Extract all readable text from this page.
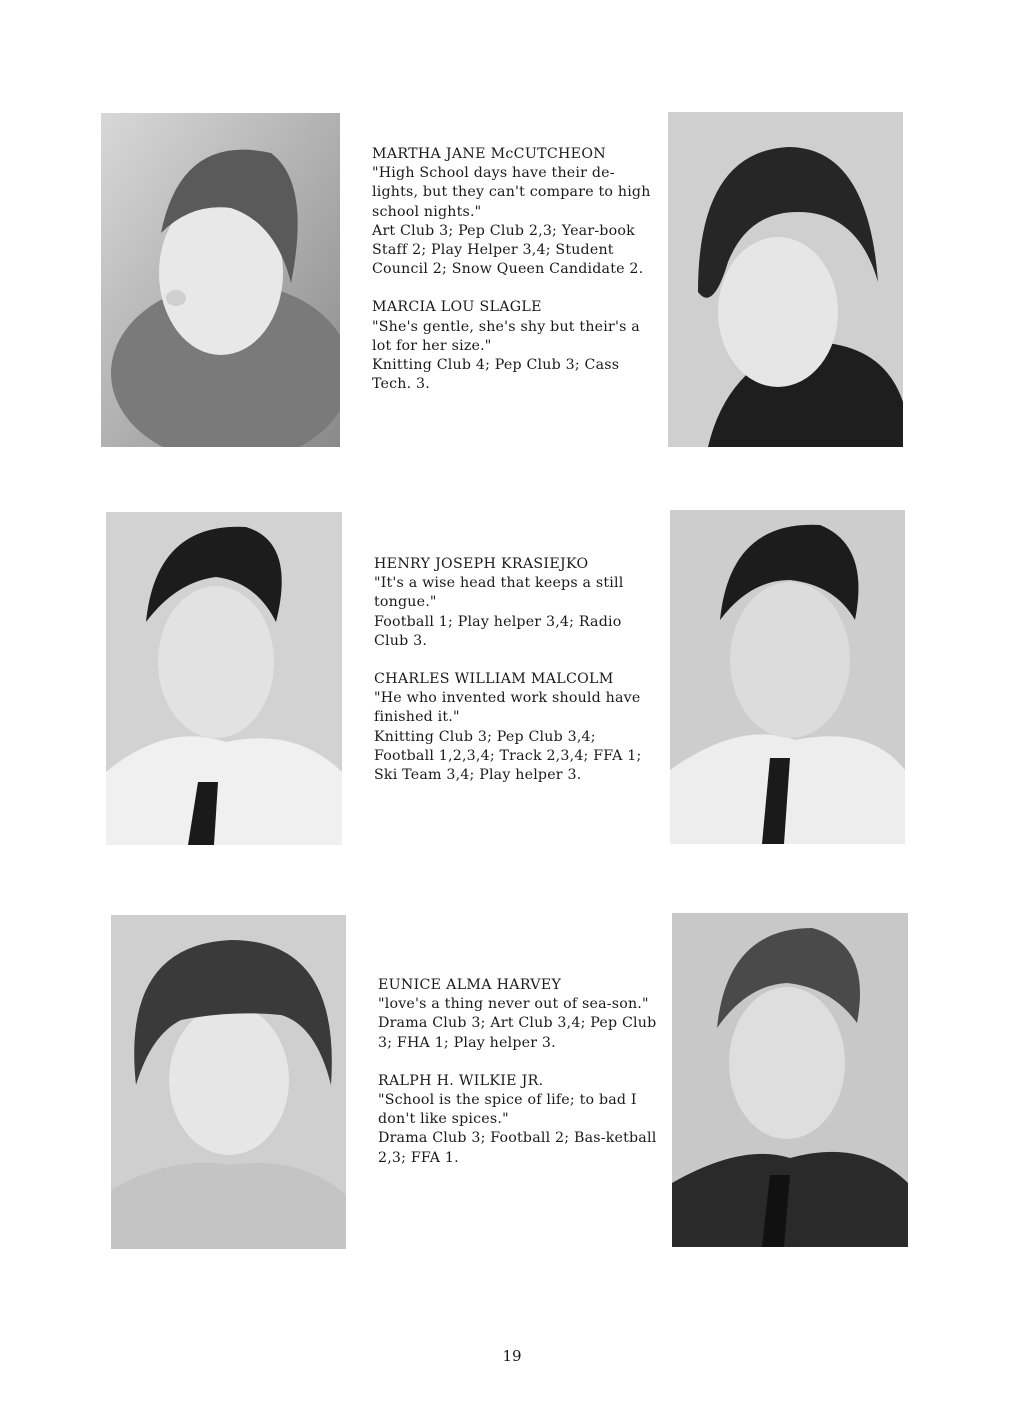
MARTHA JANE McCUTCHEON
"High School days have their de-lights, but they can't compare to high school nights."
Art Club 3; Pep Club 2,3; Year-book Staff 2; Play Helper 3,4; Student Council 2; Snow Queen Candidate 2.
MARCIA LOU SLAGLE
"She's gentle, she's shy but their's a lot for her size."
Knitting Club 4; Pep Club 3; Cass Tech. 3.
HENRY JOSEPH KRASIEJKO
"It's a wise head that keeps a still tongue."
Football 1; Play helper 3,4; Radio Club 3.
CHARLES WILLIAM MALCOLM
"He who invented work should have finished it."
Knitting Club 3; Pep Club 3,4; Football 1,2,3,4; Track 2,3,4; FFA 1; Ski Team 3,4; Play helper 3.
EUNICE ALMA HARVEY
"love's a thing never out of sea-son."
Drama Club 3; Art Club 3,4; Pep Club 3; FHA 1; Play helper 3.
RALPH H. WILKIE JR.
"School is the spice of life; to bad I don't like spices."
Drama Club 3; Football 2; Bas-ketball 2,3; FFA 1.
19
